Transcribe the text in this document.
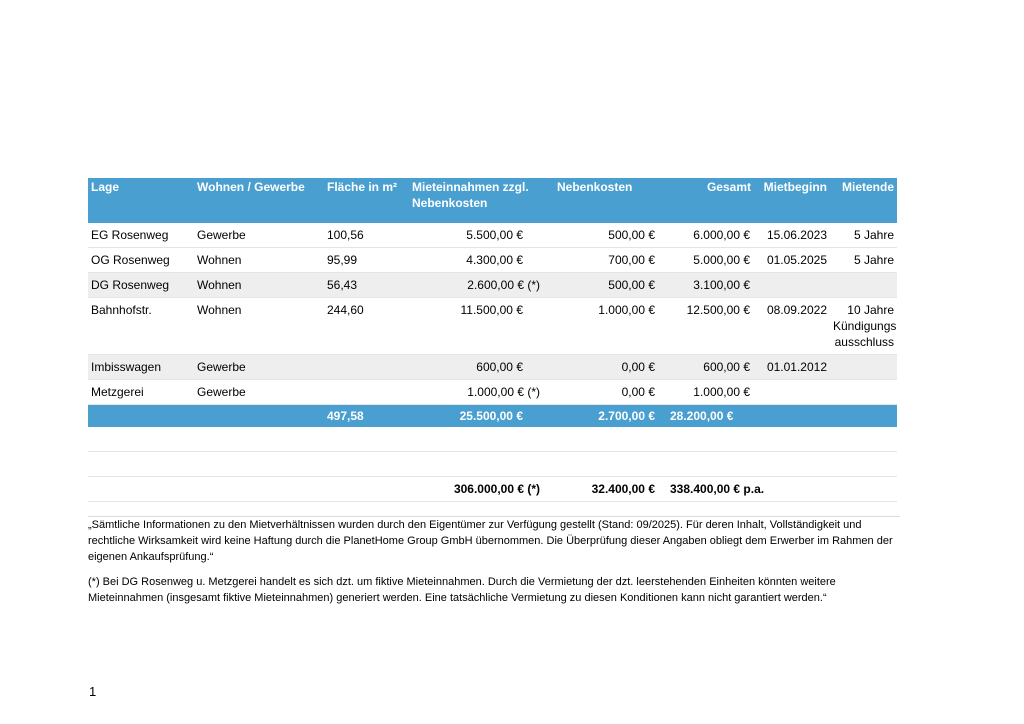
Lage	Wohnen / Gewerbe	Fläche in m²	Mieteinnahmen zzgl. Nebenkosten	Nebenkosten	Gesamt	Mietbeginn	Mietende
EG Rosenweg	Gewerbe	100,56	5.500,00 €	500,00 €	6.000,00 €	15.06.2023	5 Jahre
OG Rosenweg	Wohnen	95,99	4.300,00 €	700,00 €	5.000,00 €	01.05.2025	5 Jahre
DG Rosenweg	Wohnen	56,43	2.600,00 € (*)	500,00 €	3.100,00 €		
Bahnhofstr.	Wohnen	244,60	11.500,00 €	1.000,00 €	12.500,00 €	08.09.2022	10 Jahre Kündigungs ausschluss
Imbisswagen	Gewerbe		600,00 €	0,00 €	600,00 €	01.01.2012	
Metzgerei	Gewerbe		1.000,00 € (*)	0,00 €	1.000,00 €		
		497,58	25.500,00 €	2.700,00 €	28.200,00 €		

			306.000,00 € (*)	32.400,00 €	338.400,00 € p.a.		
„Sämtliche Informationen zu den Mietverhältnissen wurden durch den Eigentümer zur Verfügung gestellt (Stand: 09/2025). Für deren Inhalt, Vollständigkeit und rechtliche Wirksamkeit wird keine Haftung durch die PlanetHome Group GmbH übernommen. Die Überprüfung dieser Angaben obliegt dem Erwerber im Rahmen der eigenen Ankaufsprüfung.“
(*) Bei DG Rosenweg u. Metzgerei handelt es sich dzt. um fiktive Mieteinnahmen. Durch die Vermietung der dzt. leerstehenden Einheiten könnten weitere Mieteinnahmen (insgesamt fiktive Mieteinnahmen) generiert werden. Eine tatsächliche Vermietung zu diesen Konditionen kann nicht garantiert werden.“
1
